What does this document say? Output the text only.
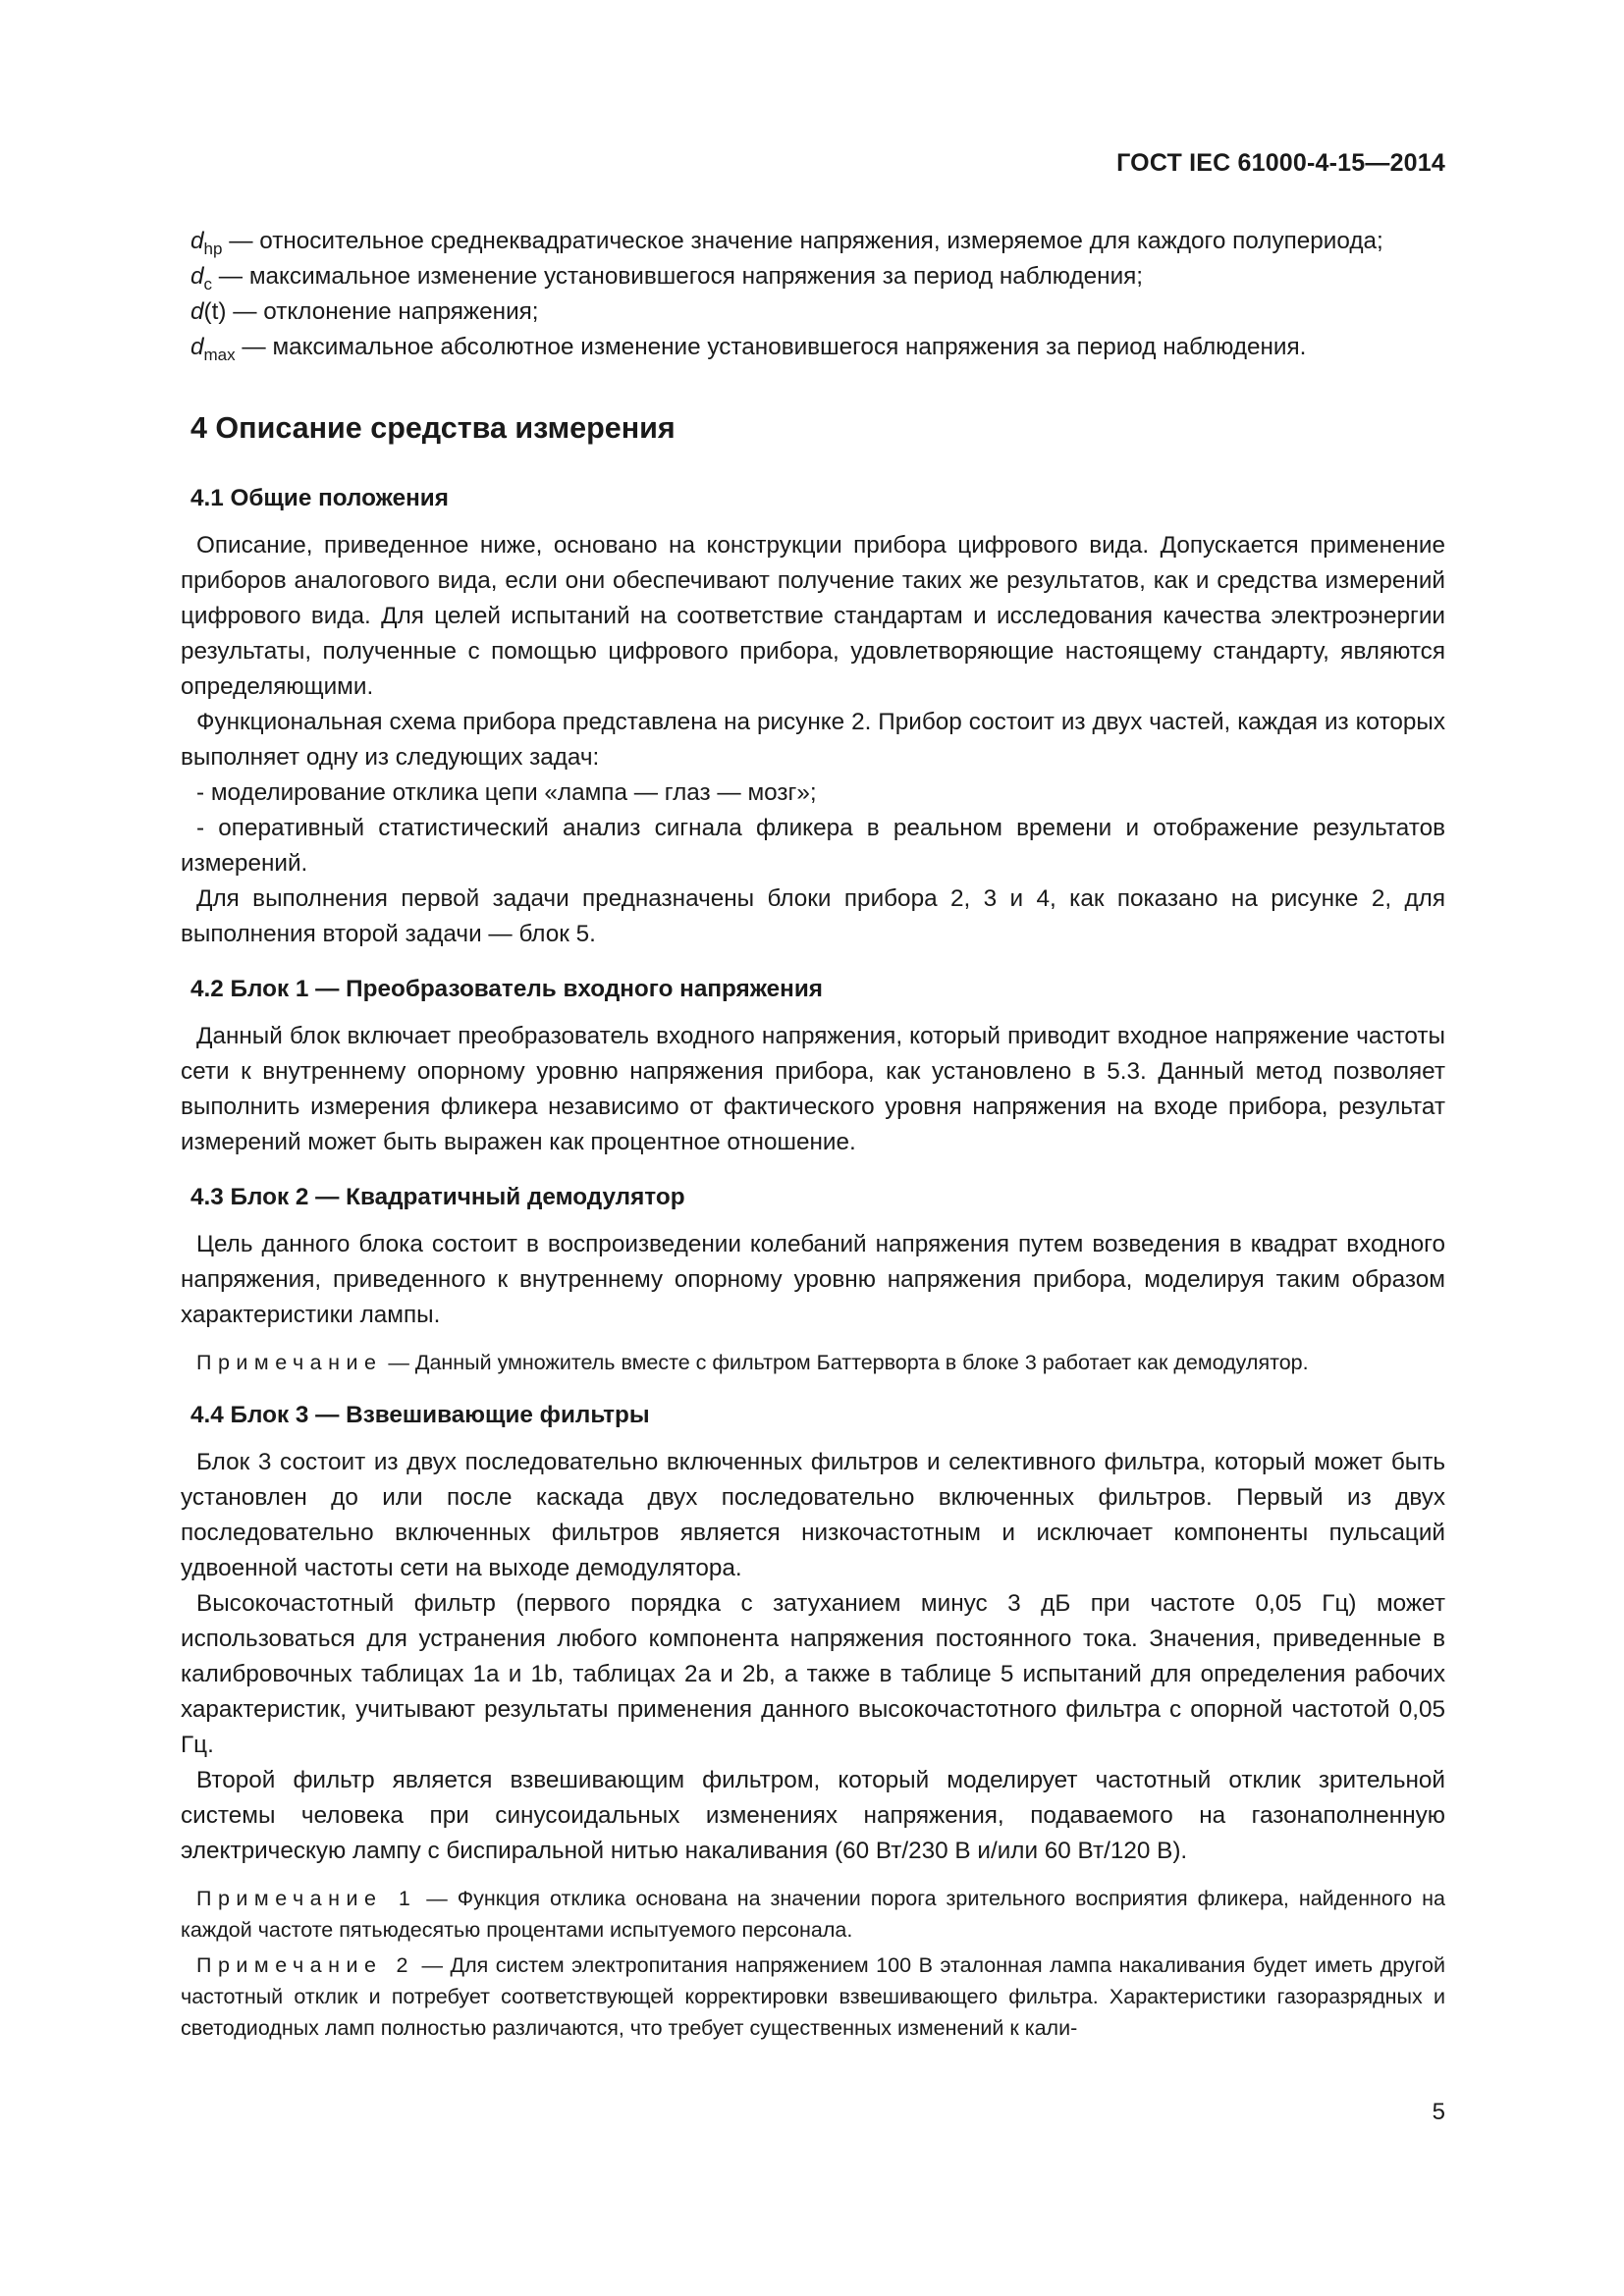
ГОСТ IEC 61000-4-15—2014
$d_{hp}$ — относительное среднеквадратическое значение напряжения, измеряемое для каждого полупериода;
$d_c$ — максимальное изменение установившегося напряжения за период наблюдения;
d(t) — отклонение напряжения;
$d_{max}$ — максимальное абсолютное изменение установившегося напряжения за период наблюдения.
4 Описание средства измерения
4.1 Общие положения

Описание, приведенное ниже, основано на конструкции прибора цифрового вида. Допускается применение приборов аналогового вида, если они обеспечивают получение таких же результатов, как и средства измерений цифрового вида. Для целей испытаний на соответствие стандартам и исследования качества электроэнергии результаты, полученные с помощью цифрового прибора, удовлетворяющие настоящему стандарту, являются определяющими.

Функциональная схема прибора представлена на рисунке 2. Прибор состоит из двух частей, каждая из которых выполняет одну из следующих задач:

- моделирование отклика цепи «лампа — глаз — мозг»;

- оперативный статистический анализ сигнала фликера в реальном времени и отображение результатов измерений.

Для выполнения первой задачи предназначены блоки прибора 2, 3 и 4, как показано на рисунке 2, для выполнения второй задачи — блок 5.

4.2 Блок 1 — Преобразователь входного напряжения

Данный блок включает преобразователь входного напряжения, который приводит входное напряжение частоты сети к внутреннему опорному уровню напряжения прибора, как установлено в 5.3. Данный метод позволяет выполнить измерения фликера независимо от фактического уровня напряжения на входе прибора, результат измерений может быть выражен как процентное отношение.

4.3 Блок 2 — Квадратичный демодулятор

Цель данного блока состоит в воспроизведении колебаний напряжения путем возведения в квадрат входного напряжения, приведенного к внутреннему опорному уровню напряжения прибора, моделируя таким образом характеристики лампы.

Примечание — Данный умножитель вместе с фильтром Баттерворта в блоке 3 работает как демодулятор.

4.4 Блок 3 — Взвешивающие фильтры

Блок 3 состоит из двух последовательно включенных фильтров и селективного фильтра, который может быть установлен до или после каскада двух последовательно включенных фильтров. Первый из двух последовательно включенных фильтров является низкочастотным и исключает компоненты пульсаций удвоенной частоты сети на выходе демодулятора.

Высокочастотный фильтр (первого порядка с затуханием минус 3 дБ при частоте 0,05 Гц) может использоваться для устранения любого компонента напряжения постоянного тока. Значения, приведенные в калибровочных таблицах 1a и 1b, таблицах 2a и 2b, а также в таблице 5 испытаний для определения рабочих характеристик, учитывают результаты применения данного высокочастотного фильтра с опорной частотой 0,05 Гц.

Второй фильтр является взвешивающим фильтром, который моделирует частотный отклик зрительной системы человека при синусоидальных изменениях напряжения, подаваемого на газонаполненную электрическую лампу с биспиральной нитью накаливания (60 Вт/230 В и/или 60 Вт/120 В).

Примечание 1 — Функция отклика основана на значении порога зрительного восприятия фликера, найденного на каждой частоте пятьюдесятью процентами испытуемого персонала.

Примечание 2 — Для систем электропитания напряжением 100 В эталонная лампа накаливания будет иметь другой частотный отклик и потребует соответствующей корректировки взвешивающего фильтра. Характеристики газоразрядных и светодиодных ламп полностью различаются, что требует существенных изменений к кали-

5
